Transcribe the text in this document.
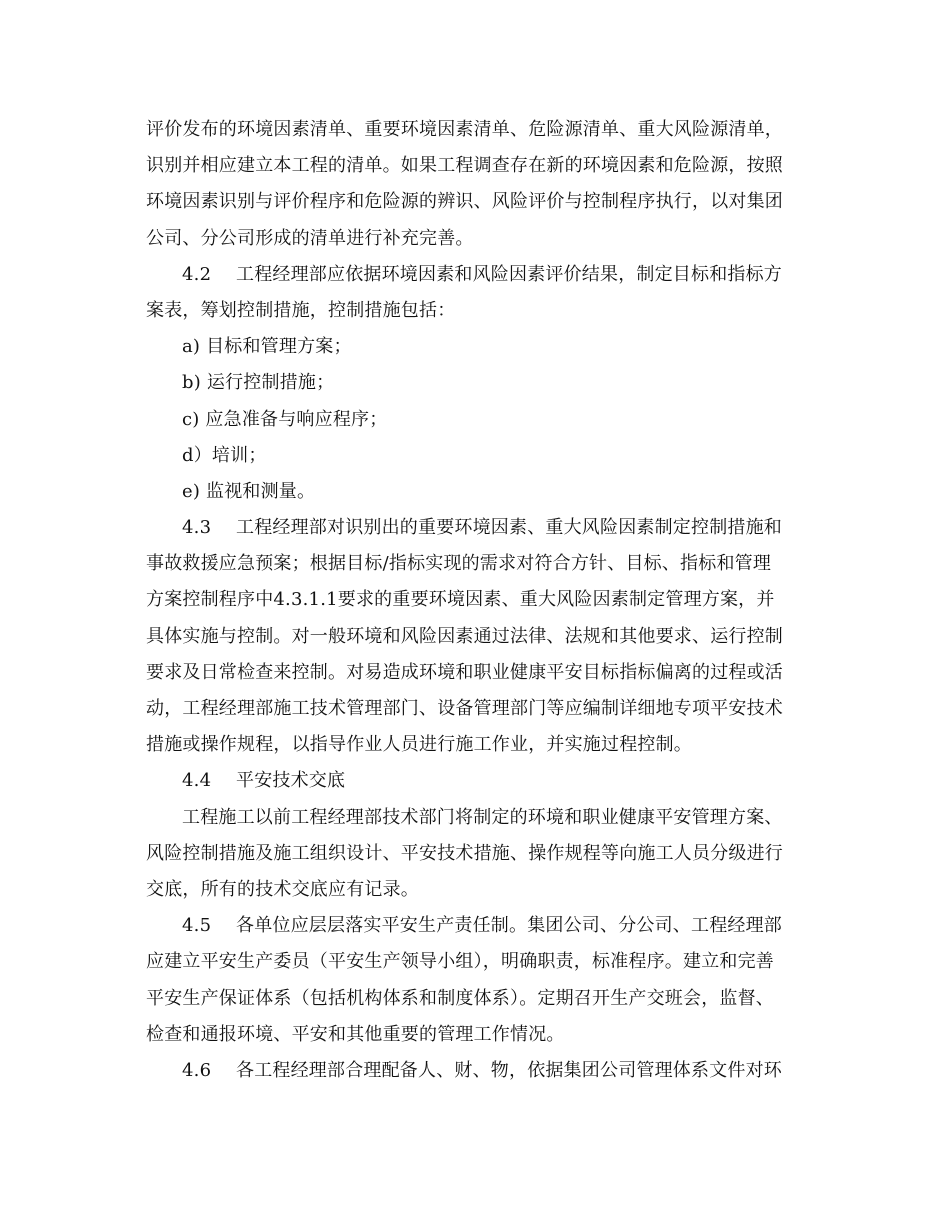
评价发布的环境因素清单、重要环境因素清单、危险源清单、重大风险源清单，
识别并相应建立本工程的清单。如果工程调查存在新的环境因素和危险源，按照
环境因素识别与评价程序和危险源的辨识、风险评价与控制程序执行，以对集团
公司、分公司形成的清单进行补充完善。
4.2 工程经理部应依据环境因素和风险因素评价结果，制定目标和指标方
案表，筹划控制措施，控制措施包括：
a) 目标和管理方案；
b) 运行控制措施；
c) 应急准备与响应程序；
d）培训；
e) 监视和测量。
4.3 工程经理部对识别出的重要环境因素、重大风险因素制定控制措施和
事故救援应急预案；根据目标/指标实现的需求对符合方针、目标、指标和管理
方案控制程序中4.3.1.1要求的重要环境因素、重大风险因素制定管理方案，并
具体实施与控制。对一般环境和风险因素通过法律、法规和其他要求、运行控制
要求及日常检查来控制。对易造成环境和职业健康平安目标指标偏离的过程或活
动，工程经理部施工技术管理部门、设备管理部门等应编制详细地专项平安技术
措施或操作规程，以指导作业人员进行施工作业，并实施过程控制。
4.4 平安技术交底
工程施工以前工程经理部技术部门将制定的环境和职业健康平安管理方案、
风险控制措施及施工组织设计、平安技术措施、操作规程等向施工人员分级进行
交底，所有的技术交底应有记录。
4.5 各单位应层层落实平安生产责任制。集团公司、分公司、工程经理部
应建立平安生产委员（平安生产领导小组），明确职责，标准程序。建立和完善
平安生产保证体系（包括机构体系和制度体系）。定期召开生产交班会，监督、
检查和通报环境、平安和其他重要的管理工作情况。
4.6 各工程经理部合理配备人、财、物，依据集团公司管理体系文件对环
